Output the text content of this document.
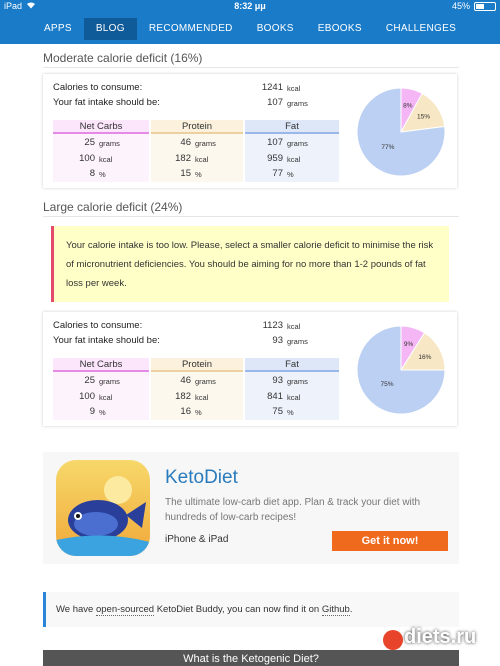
iPad	8:32 μμ	45%
APPS	BLOG	RECOMMENDED	BOOKS	EBOOKS	CHALLENGES
Moderate calorie deficit (16%)
Calories to consume:	1241 kcal
Your fat intake should be:	107 grams
Net Carbs	Protein	Fat
25 grams	46 grams	107 grams
100 kcal	182 kcal	959 kcal
8 %	15 %	77 %
8%
15%
77%
Large calorie deficit (24%)
Your calorie intake is too low. Please, select a smaller calorie deficit to minimise the risk of micronutrient deficiencies. You should be aiming for no more than 1-2 pounds of fat loss per week.
Calories to consume:	1123 kcal
Your fat intake should be:	93 grams
Net Carbs	Protein	Fat
25 grams	46 grams	93 grams
100 kcal	182 kcal	841 kcal
9 %	16 %	75 %
9%
16%
75%
KetoDiet
The ultimate low-carb diet app. Plan & track your diet with hundreds of low-carb recipes!
iPhone & iPad	Get it now!
We have open-sourced KetoDiet Buddy, you can now find it on Github.
What is the Ketogenic Diet?
diets.ru
